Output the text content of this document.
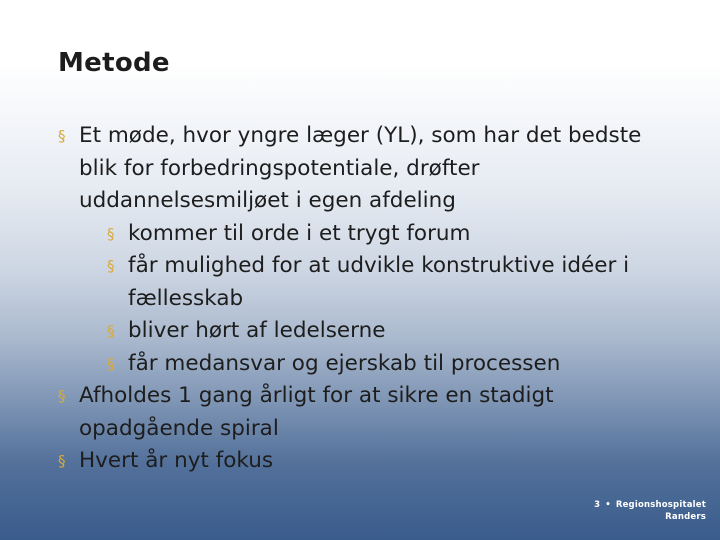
Metode
§ Et møde, hvor yngre læger (YL), som har det bedste blik for forbedringspotentiale, drøfter uddannelsesmiljøet i egen afdeling
§ kommer til orde i et trygt forum
§ får mulighed for at udvikle konstruktive idéer i fællesskab
§ bliver hørt af ledelserne
§ får medansvar og ejerskab til processen
§ Afholdes 1 gang årligt for at sikre en stadigt opadgående spiral
§ Hvert år nyt fokus
3 • Regionshospitalet
Randers
